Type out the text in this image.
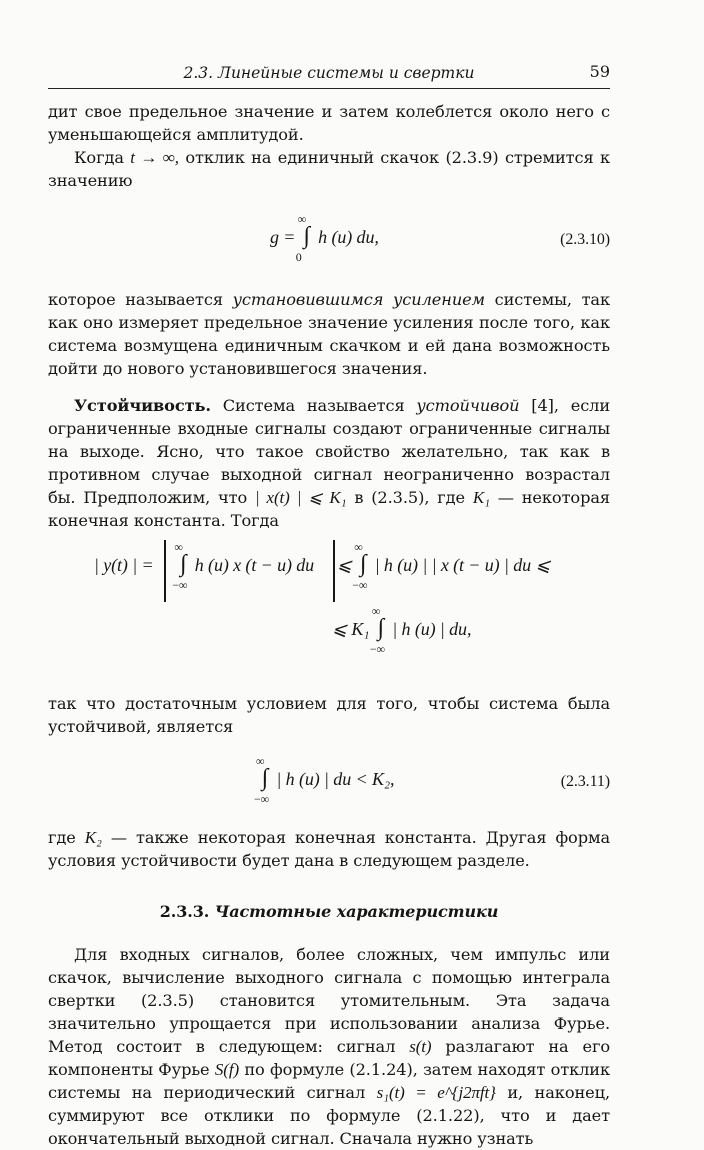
2.3. Линейные системы и свертки	59

дит свое предельное значение и затем колеблется около него с уменьшающейся амплитудой.

Когда t → ∞, отклик на единичный скачок (2.3.9) стремится к значению

g =
∞
∫
0
h (u) du,	(2.3.10)

которое называется установившимся усилением системы, так как оно измеряет предельное значение усиления после того, как система возмущена единичным скачком и ей дана возможность дойти до нового установившегося значения.

Устойчивость. Система называется устойчивой [4], если ограниченные входные сигналы создают ограниченные сигналы на выходе. Ясно, что такое свойство желательно, так как в противном случае выходной сигнал неограниченно возрастал бы. Предположим, что | x(t) | ⩽ K₁ в (2.3.5), где K₁ — некоторая конечная константа. Тогда

| y(t) | =
∞
∫
−∞
h (u) x (t − u) du ⩽
∞
∫
−∞
| h (u) | | x (t − u) | du ⩽
⩽ K₁
∞
∫
−∞
| h (u) | du,

так что достаточным условием для того, чтобы система была устойчивой, является

∞
∫
−∞
| h (u) | du < K₂,	(2.3.11)

где K₂ — также некоторая конечная константа. Другая форма условия устойчивости будет дана в следующем разделе.

2.3.3. Частотные характеристики

Для входных сигналов, более сложных, чем импульс или скачок, вычисление выходного сигнала с помощью интеграла свертки (2.3.5) становится утомительным. Эта задача значительно упрощается при использовании анализа Фурье. Метод состоит в следующем: сигнал s(t) разлагают на его компоненты Фурье S(f) по формуле (2.1.24), затем находят отклик системы на периодический сигнал s₁(t) = e^{j2πft} и, наконец, суммируют все отклики по формуле (2.1.22), что и дает окончательный выходной сигнал. Сначала нужно узнать
